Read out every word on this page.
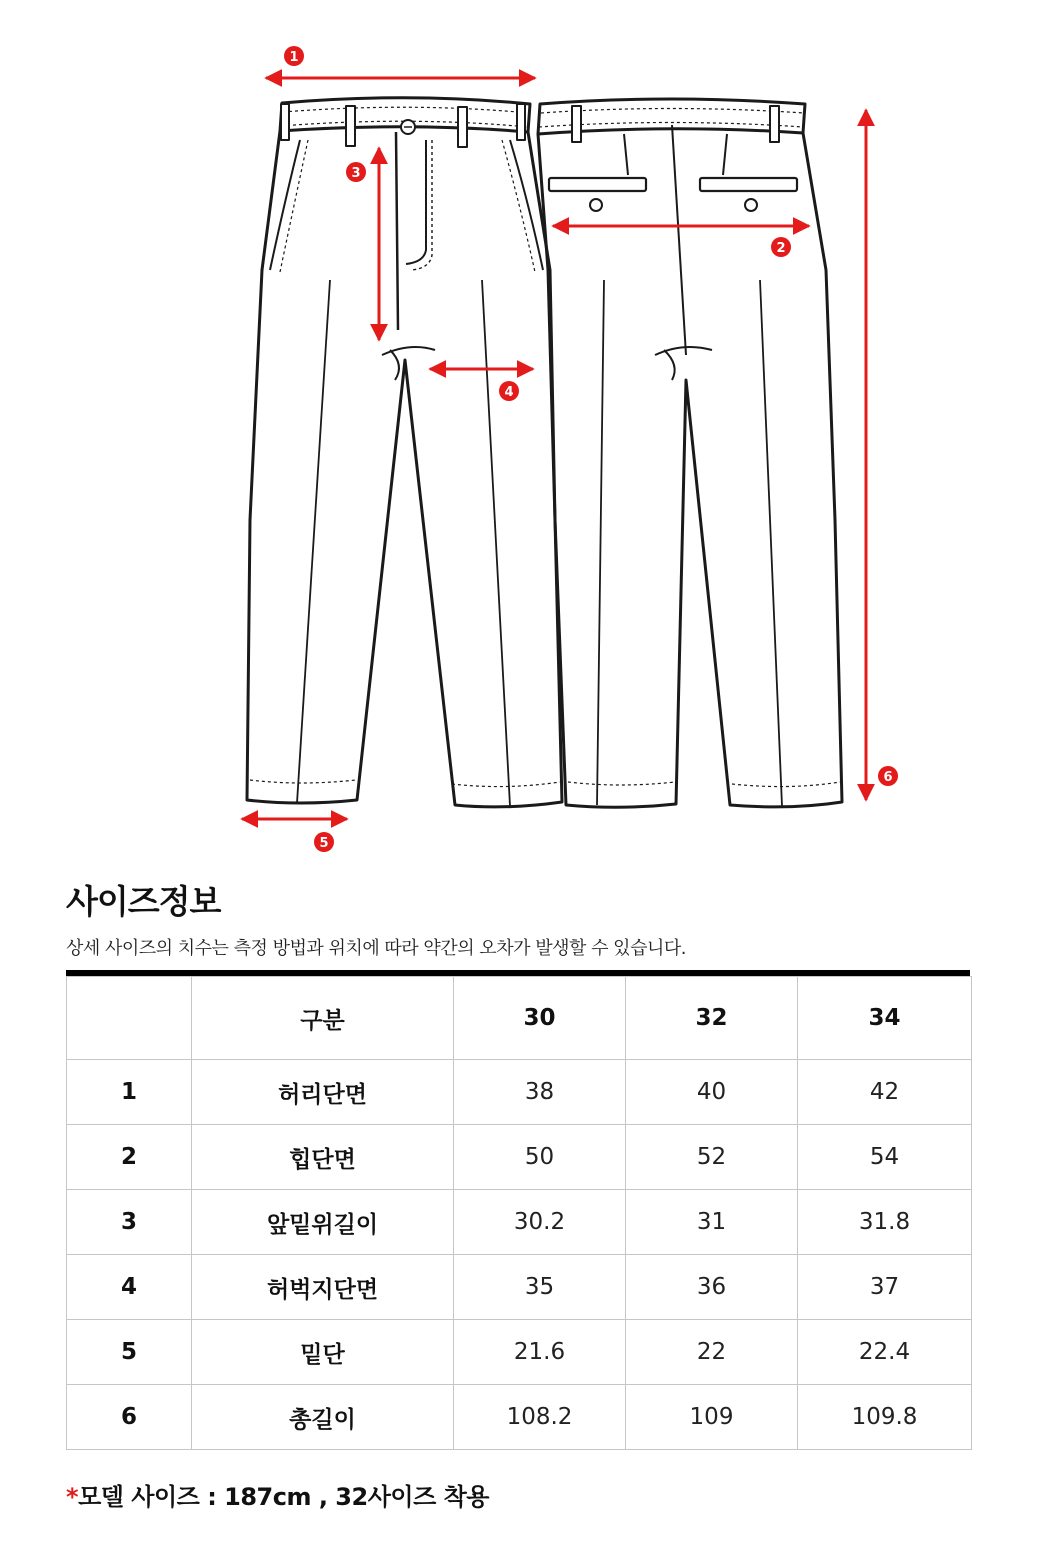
1
2
3
4
5
6
사이즈정보

상세 사이즈의 치수는 측정 방법과 위치에 따라 약간의 오차가 발생할 수 있습니다.

	구분	30	32	34
1	허리단면	38	40	42
2	힙단면	50	52	54
3	앞밑위길이	30.2	31	31.8
4	허벅지단면	35	36	37
5	밑단	21.6	22	22.4
6	총길이	108.2	109	109.8

*모델 사이즈 : 187cm , 32사이즈 착용
